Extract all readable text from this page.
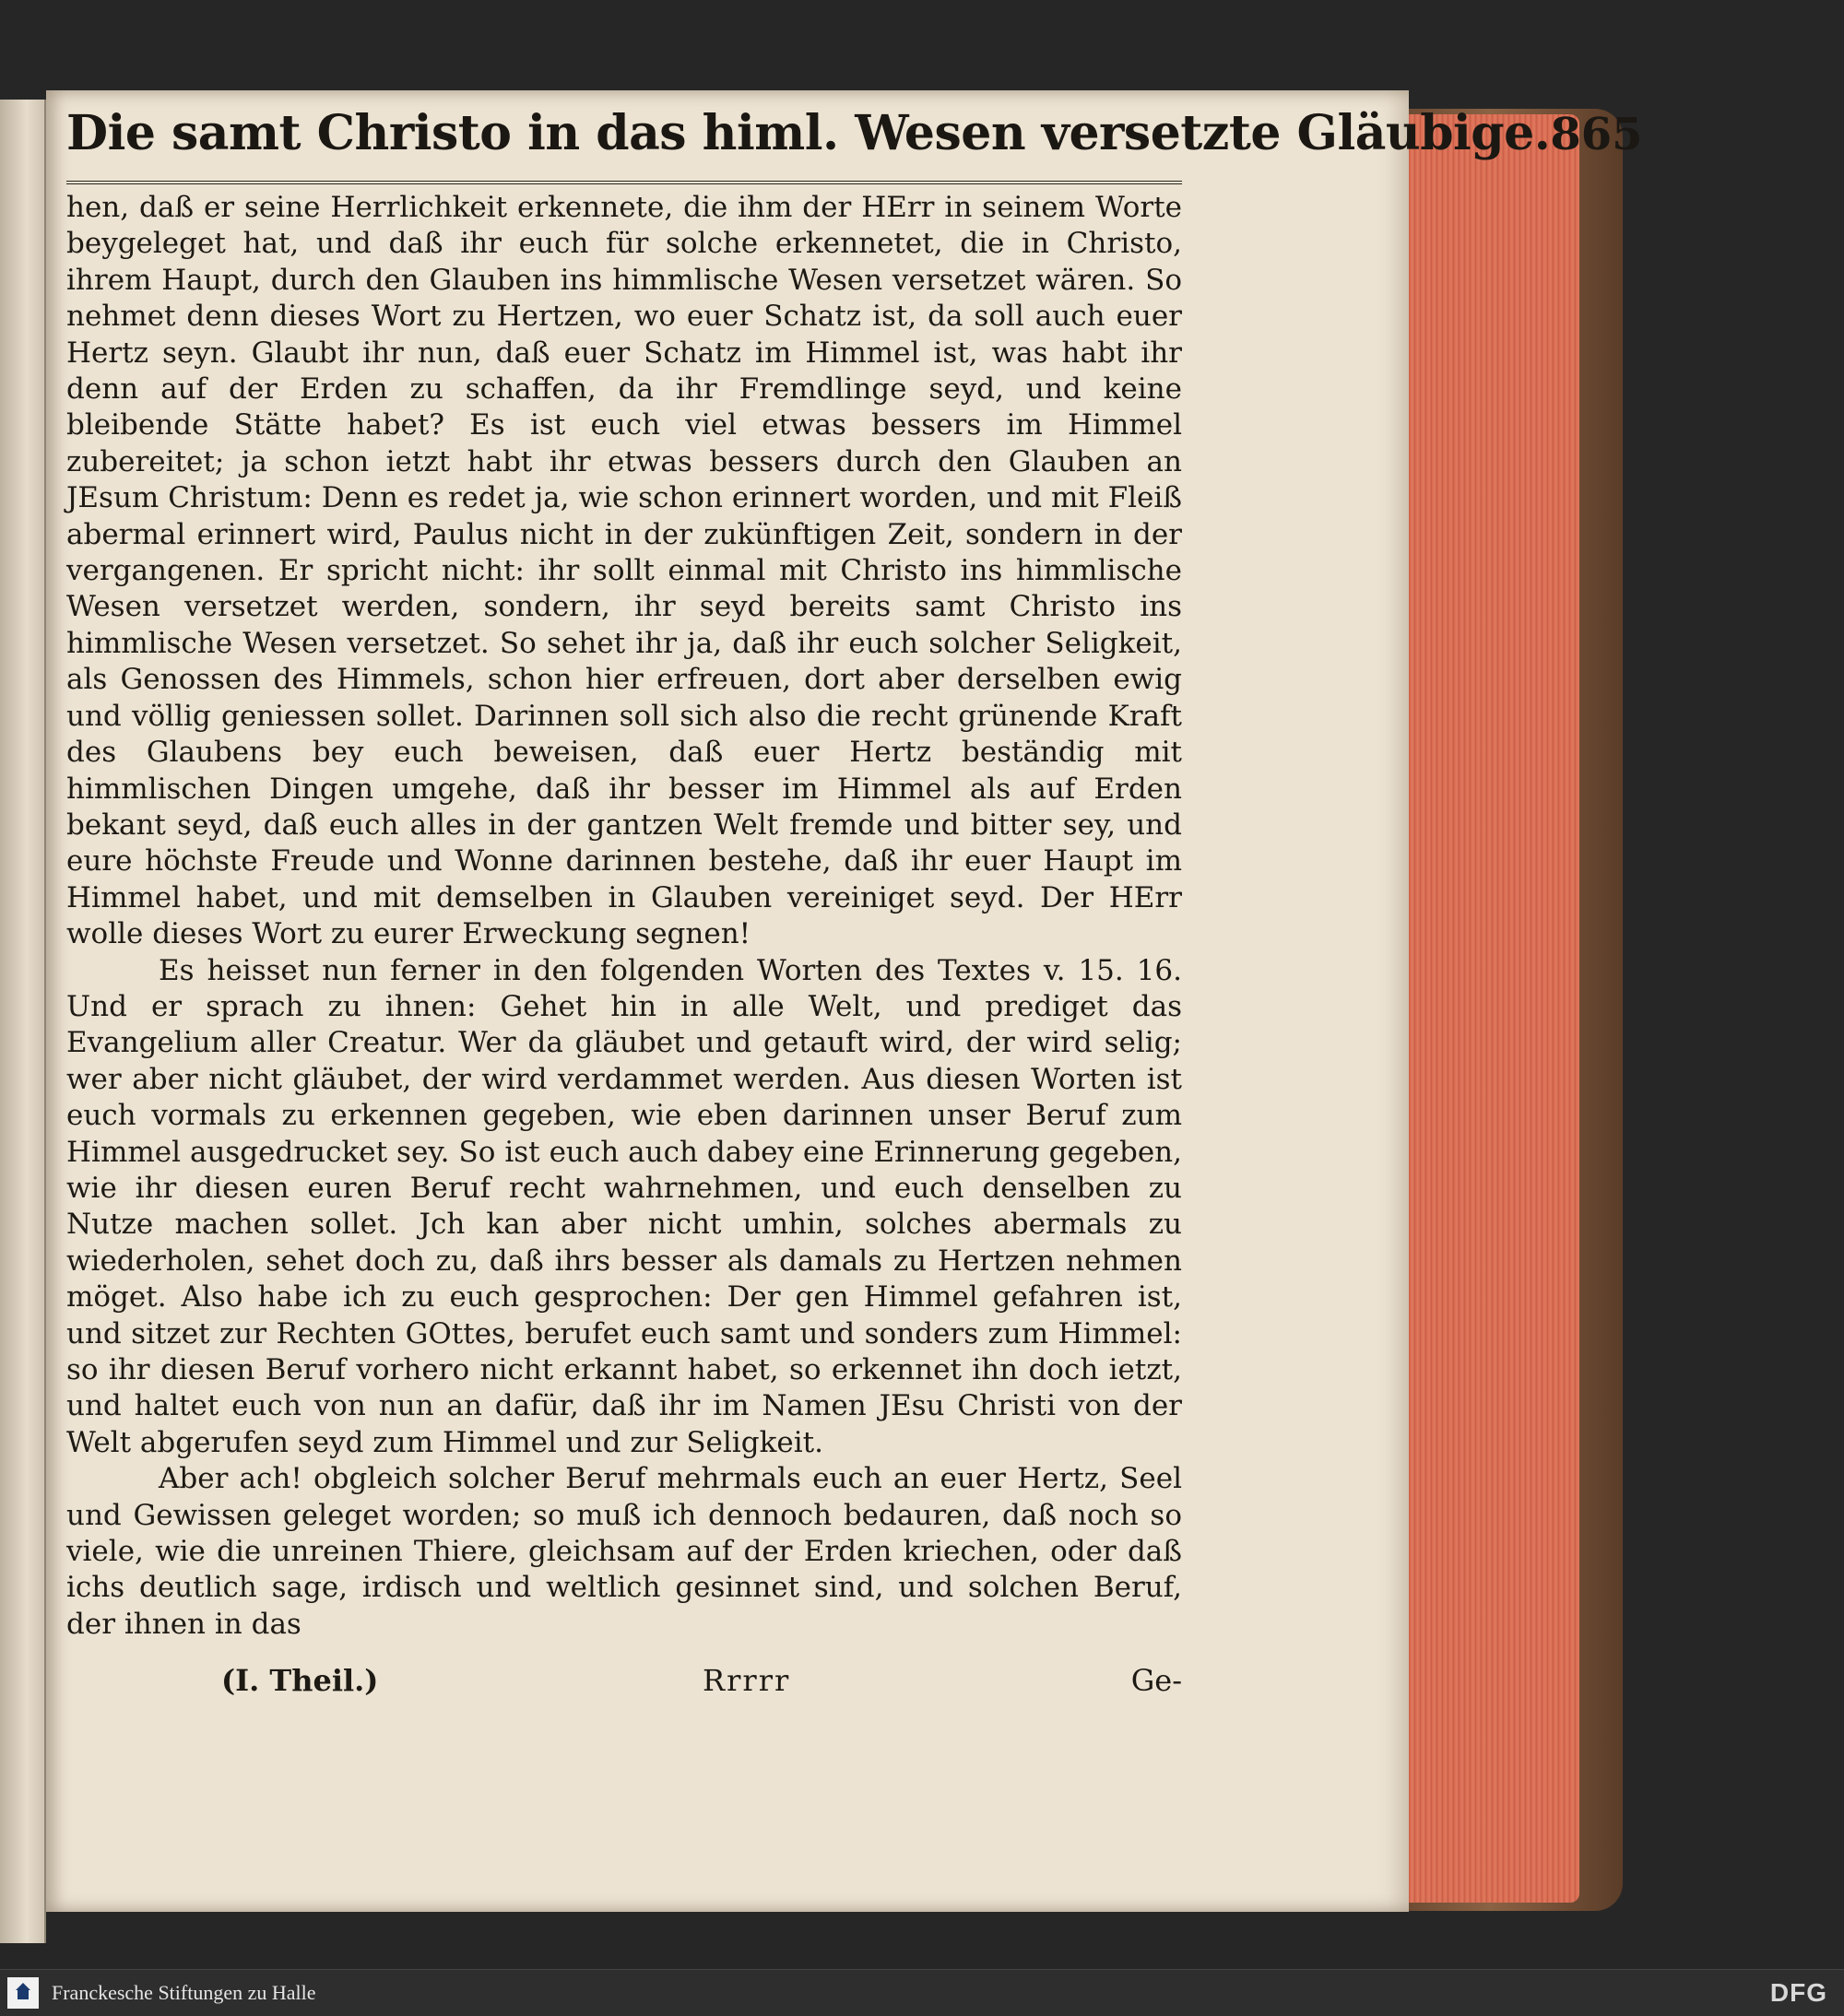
Die samt Christo in das himl. Wesen versetzte Gläubige. 865

hen, daß er seine Herrlichkeit erkennete, die ihm der HErr in seinem Worte beygeleget hat, und daß ihr euch für solche erkennetet, die in Christo, ihrem Haupt, durch den Glauben ins himmlische Wesen versetzet wären. So nehmet denn dieses Wort zu Hertzen, wo euer Schatz ist, da soll auch euer Hertz seyn. Glaubt ihr nun, daß euer Schatz im Himmel ist, was habt ihr denn auf der Erden zu schaffen, da ihr Fremdlinge seyd, und keine bleibende Stätte habet? Es ist euch viel etwas bessers im Himmel zubereitet; ja schon ietzt habt ihr etwas bessers durch den Glauben an JEsum Christum: Denn es redet ja, wie schon erinnert worden, und mit Fleiß abermal erinnert wird, Paulus nicht in der zukünftigen Zeit, sondern in der vergangenen. Er spricht nicht: ihr sollt einmal mit Christo ins himmlische Wesen versetzet werden, sondern, ihr seyd bereits samt Christo ins himmlische Wesen versetzet. So sehet ihr ja, daß ihr euch solcher Seligkeit, als Genossen des Himmels, schon hier erfreuen, dort aber derselben ewig und völlig geniessen sollet. Darinnen soll sich also die recht grünende Kraft des Glaubens bey euch beweisen, daß euer Hertz beständig mit himmlischen Dingen umgehe, daß ihr besser im Himmel als auf Erden bekant seyd, daß euch alles in der gantzen Welt fremde und bitter sey, und eure höchste Freude und Wonne darinnen bestehe, daß ihr euer Haupt im Himmel habet, und mit demselben in Glauben vereiniget seyd. Der HErr wolle dieses Wort zu eurer Erweckung segnen!

Es heisset nun ferner in den folgenden Worten des Textes v. 15. 16. Und er sprach zu ihnen: Gehet hin in alle Welt, und prediget das Evangelium aller Creatur. Wer da gläubet und getauft wird, der wird selig; wer aber nicht gläubet, der wird verdammet werden. Aus diesen Worten ist euch vormals zu erkennen gegeben, wie eben darinnen unser Beruf zum Himmel ausgedrucket sey. So ist euch auch dabey eine Erinnerung gegeben, wie ihr diesen euren Beruf recht wahrnehmen, und euch denselben zu Nutze machen sollet. Jch kan aber nicht umhin, solches abermals zu wiederholen, sehet doch zu, daß ihrs besser als damals zu Hertzen nehmen möget. Also habe ich zu euch gesprochen: Der gen Himmel gefahren ist, und sitzet zur Rechten GOttes, berufet euch samt und sonders zum Himmel: so ihr diesen Beruf vorhero nicht erkannt habet, so erkennet ihn doch ietzt, und haltet euch von nun an dafür, daß ihr im Namen JEsu Christi von der Welt abgerufen seyd zum Himmel und zur Seligkeit.

Aber ach! obgleich solcher Beruf mehrmals euch an euer Hertz, Seel und Gewissen geleget worden; so muß ich dennoch bedauren, daß noch so viele, wie die unreinen Thiere, gleichsam auf der Erden kriechen, oder daß ichs deutlich sage, irdisch und weltlich gesinnet sind, und solchen Beruf, der ihnen in das

(I. Theil.)	Rrrrr	Ge-
Franckesche Stiftungen zu Halle	DFG
